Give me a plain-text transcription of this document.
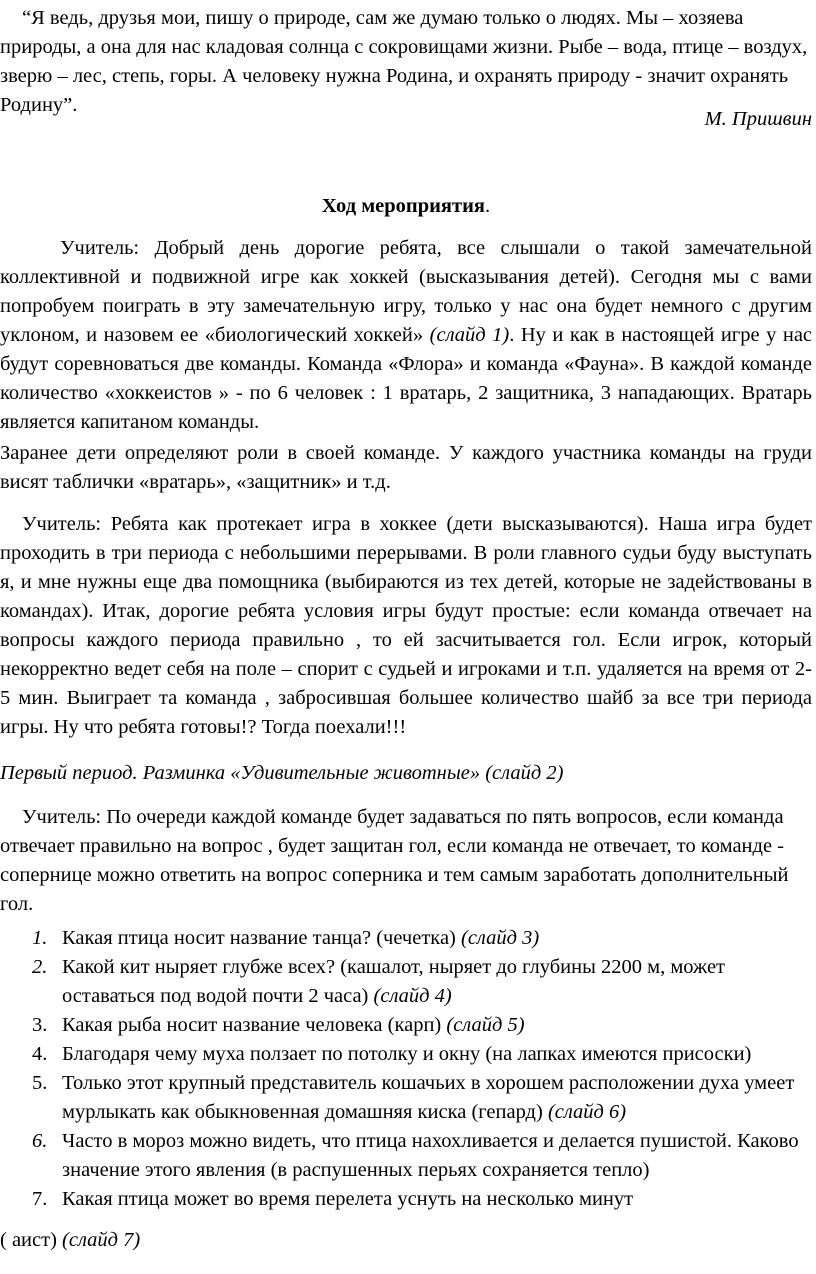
“Я ведь, друзья мои, пишу о природе, сам же думаю только о людях. Мы – хозяева природы, а она для нас кладовая солнца с сокровищами жизни. Рыбе – вода, птице – воздух, зверю – лес, степь, горы. А человеку нужна Родина, и охранять природу - значит охранять Родину”.

М. Пришвин

Ход мероприятия.

Учитель: Добрый день дорогие ребята, все слышали о такой замечательной коллективной и подвижной игре как хоккей (высказывания детей). Сегодня мы с вами попробуем поиграть в эту замечательную игру, только у нас она будет немного с другим уклоном, и назовем ее «биологический хоккей» (слайд 1). Ну и как в настоящей игре у нас будут соревноваться две команды. Команда «Флора» и команда «Фауна». В каждой команде количество «хоккеистов » - по 6 человек : 1 вратарь, 2 защитника, 3 нападающих. Вратарь является капитаном команды.

Заранее дети определяют роли в своей команде. У каждого участника команды на груди висят таблички «вратарь», «защитник» и т.д.

Учитель: Ребята как протекает игра в хоккее (дети высказываются). Наша игра будет проходить в три периода с небольшими перерывами. В роли главного судьи буду выступать я, и мне нужны еще два помощника (выбираются из тех детей, которые не задействованы в командах). Итак, дорогие ребята условия игры будут простые: если команда отвечает на вопросы каждого периода правильно , то ей засчитывается гол. Если игрок, который некорректно ведет себя на поле – спорит с судьей и игроками и т.п. удаляется на время от 2-5 мин. Выиграет та команда , забросившая большее количество шайб за все три периода игры. Ну что ребята готовы!? Тогда поехали!!!

Первый период. Разминка «Удивительные животные» (слайд 2)

Учитель: По очереди каждой команде будет задаваться по пять вопросов, если команда отвечает правильно на вопрос , будет защитан гол, если команда не отвечает, то команде - сопернице можно ответить на вопрос соперника и тем самым заработать дополнительный гол.

1. Какая птица носит название танца? (чечетка) (слайд 3)
2. Какой кит ныряет глубже всех? (кашалот, ныряет до глубины 2200 м, может оставаться под водой почти 2 часа) (слайд 4)
3. Какая рыба носит название человека (карп) (слайд 5)
4. Благодаря чему муха ползает по потолку и окну (на лапках имеются присоски)
5. Только этот крупный представитель кошачьих в хорошем расположении духа умеет мурлыкать как обыкновенная домашняя киска (гепард) (слайд 6)
6. Часто в мороз можно видеть, что птица нахохливается и делается пушистой. Каково значение этого явления (в распушенных перьях сохраняется тепло)
7. Какая птица может во время перелета уснуть на несколько минут

( аист) (слайд 7)
